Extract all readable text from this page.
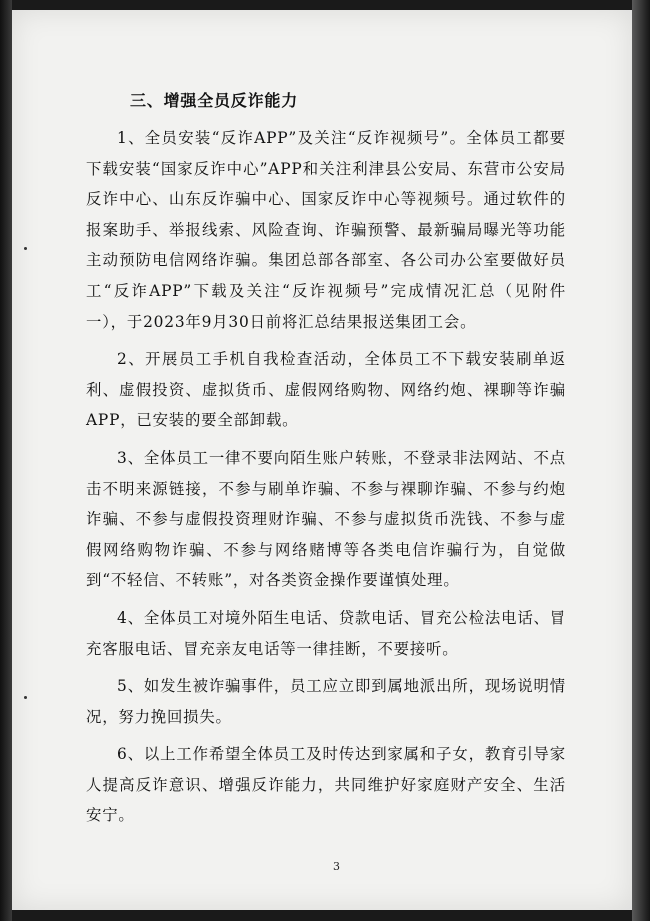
3

三、增强全员反诈能力

1、全员安装“反诈APP”及关注“反诈视频号”。全体员工都要下载安装“国家反诈中心”APP和关注利津县公安局、东营市公安局反诈中心、山东反诈骗中心、国家反诈中心等视频号。通过软件的报案助手、举报线索、风险查询、诈骗预警、最新骗局曝光等功能主动预防电信网络诈骗。集团总部各部室、各公司办公室要做好员工“反诈APP”下载及关注“反诈视频号”完成情况汇总（见附件一），于2023年9月30日前将汇总结果报送集团工会。

2、开展员工手机自我检查活动，全体员工不下载安装刷单返利、虚假投资、虚拟货币、虚假网络购物、网络约炮、裸聊等诈骗APP，已安装的要全部卸载。

3、全体员工一律不要向陌生账户转账，不登录非法网站、不点击不明来源链接，不参与刷单诈骗、不参与裸聊诈骗、不参与约炮诈骗、不参与虚假投资理财诈骗、不参与虚拟货币洗钱、不参与虚假网络购物诈骗、不参与网络赌博等各类电信诈骗行为，自觉做到“不轻信、不转账”，对各类资金操作要谨慎处理。

4、全体员工对境外陌生电话、贷款电话、冒充公检法电话、冒充客服电话、冒充亲友电话等一律挂断，不要接听。

5、如发生被诈骗事件，员工应立即到属地派出所，现场说明情况，努力挽回损失。

6、以上工作希望全体员工及时传达到家属和子女，教育引导家人提高反诈意识、增强反诈能力，共同维护好家庭财产安全、生活安宁。
